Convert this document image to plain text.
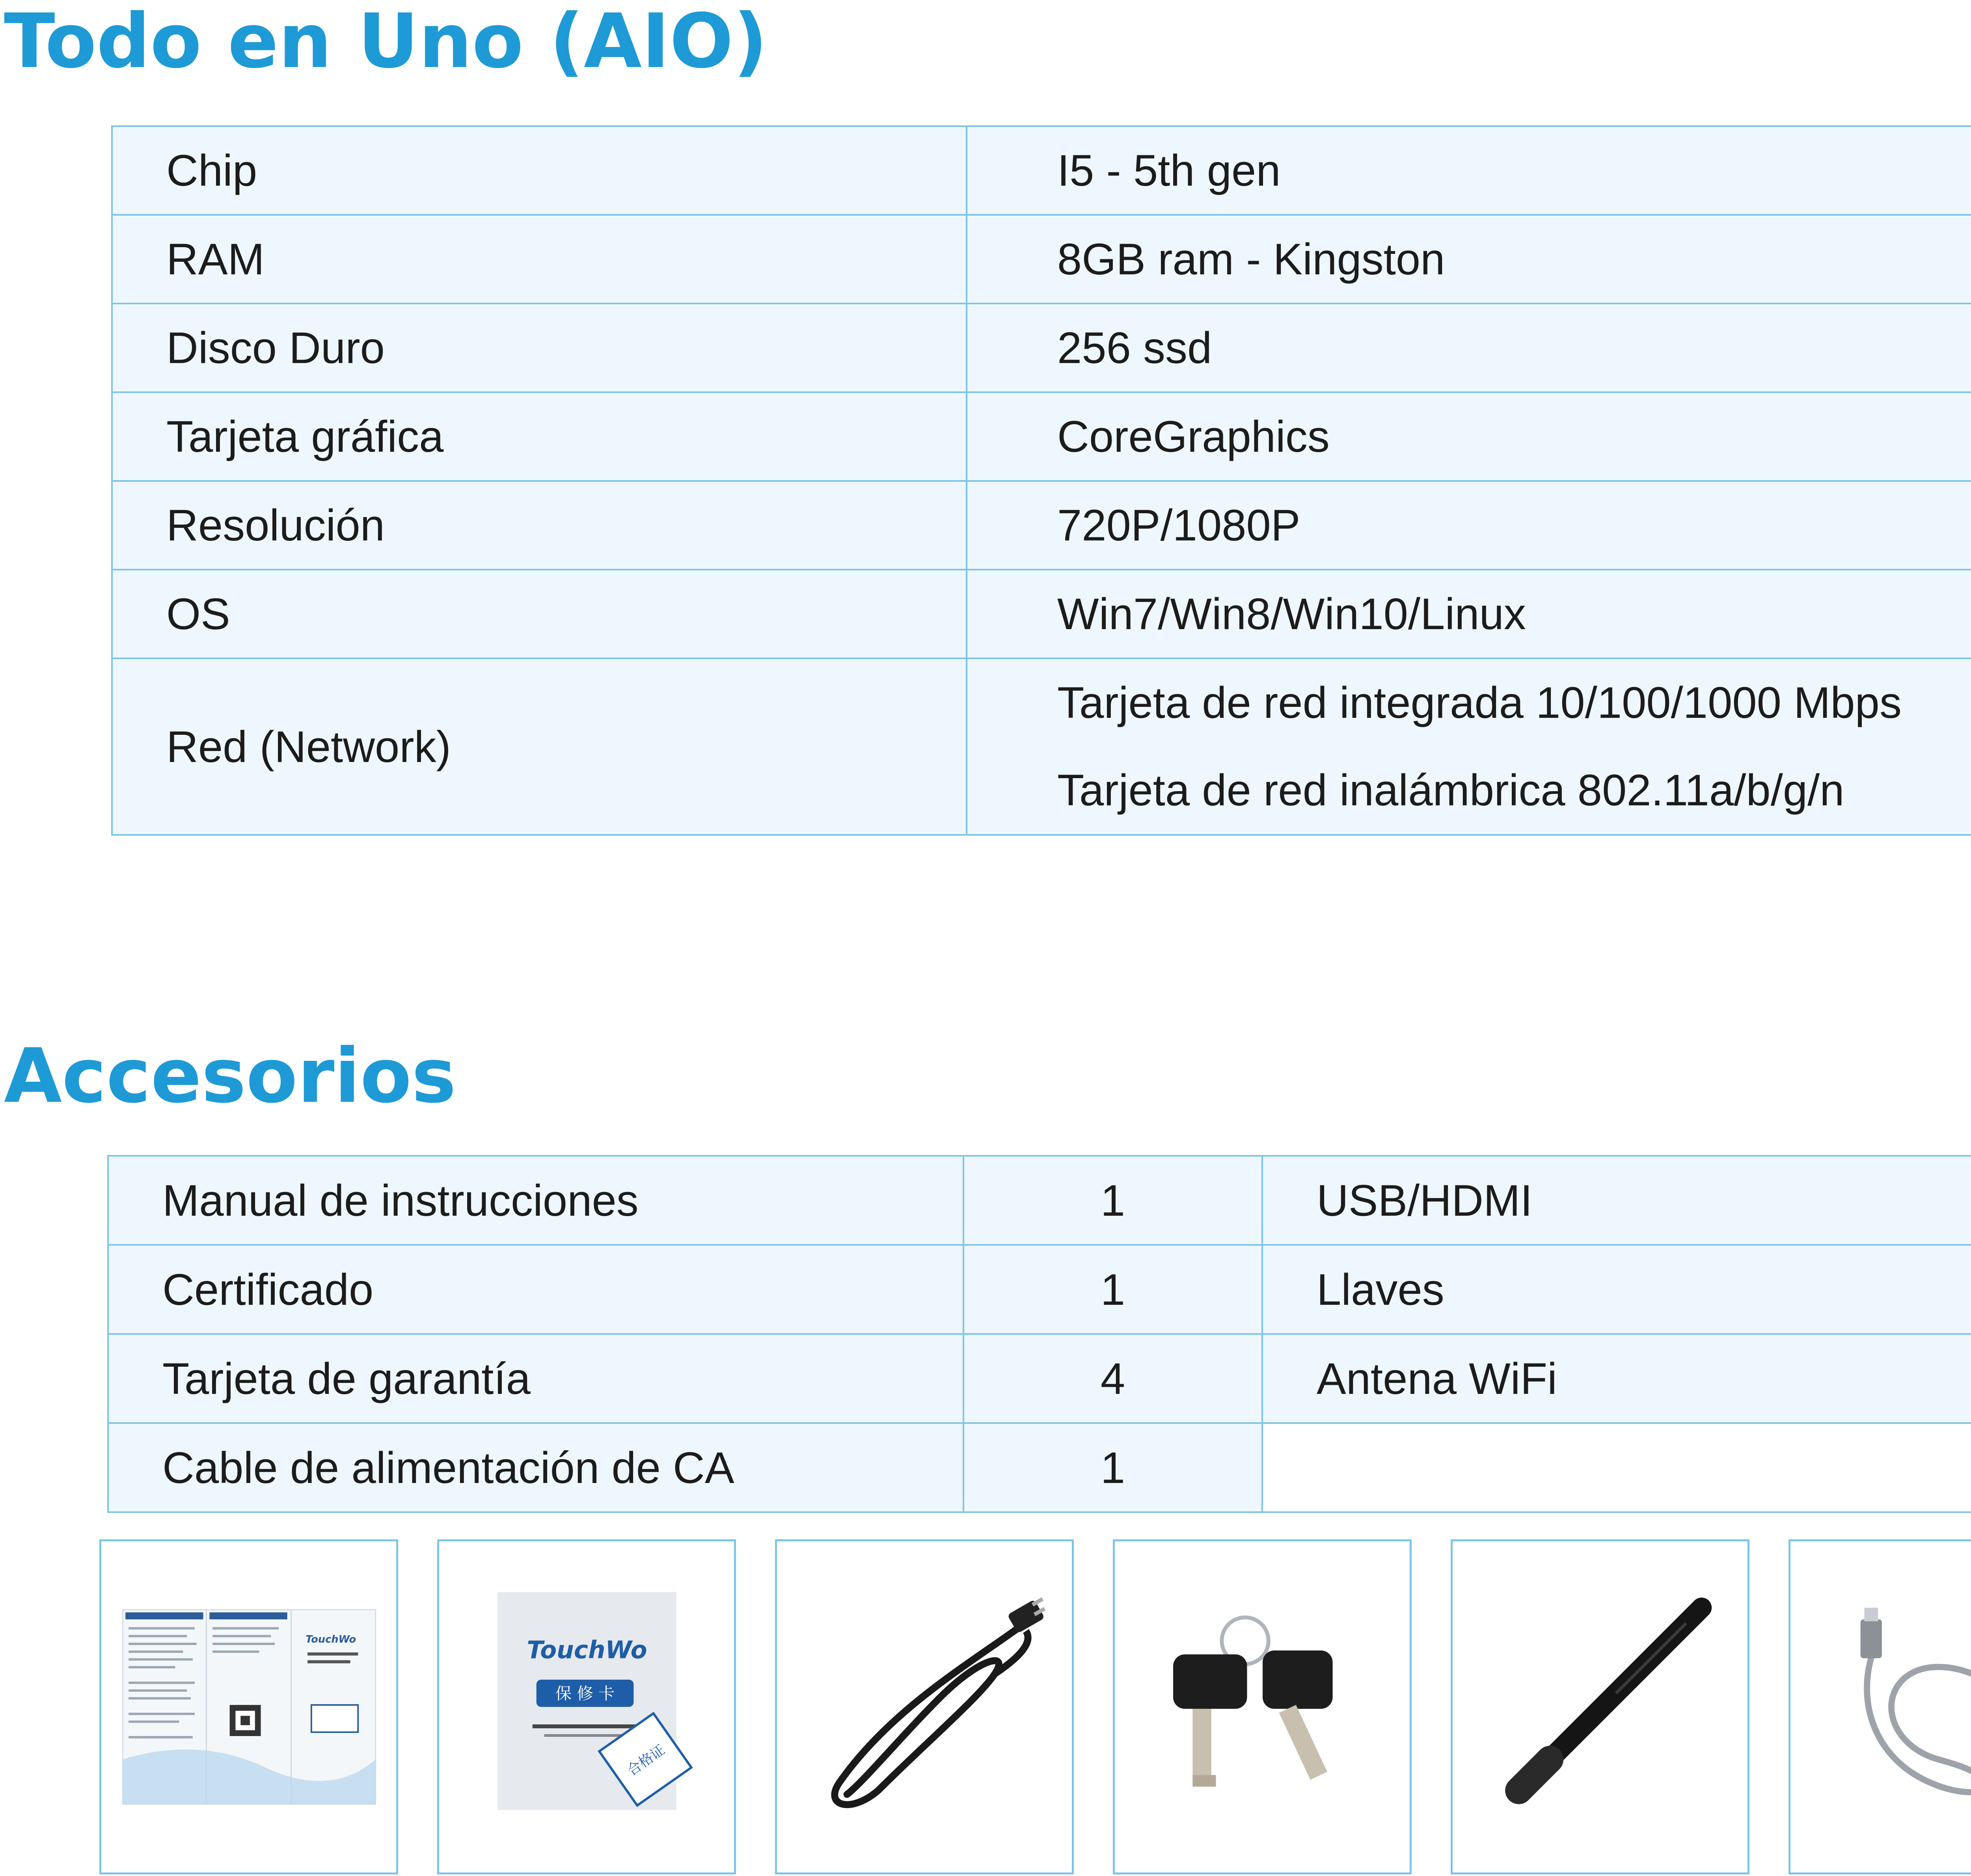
Todo en Uno (AIO)
Chip	I5 - 5th gen
RAM	8GB ram - Kingston
Disco Duro	256 ssd
Tarjeta gráfica	CoreGraphics
Resolución	720P/1080P
OS	Win7/Win8/Win10/Linux
Red (Network)	Tarjeta de red integrada 10/100/1000 Mbps
Tarjeta de red inalámbrica 802.11a/b/g/n
Accesorios
Manual de instrucciones	1	USB/HDMI	
Certificado	1	Llaves	
Tarjeta de garantía	4	Antena WiFi	
Cable de alimentación de CA	1		
TouchWo	TouchWo
保 修 卡
合格证
